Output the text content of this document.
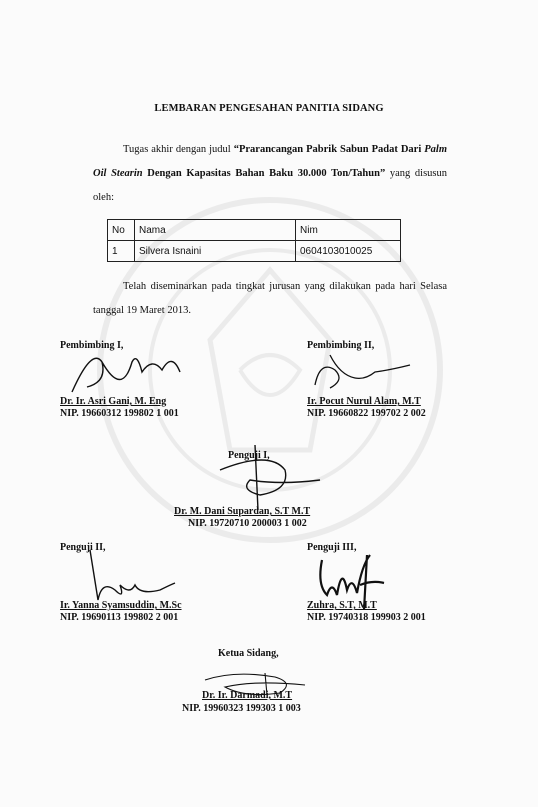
LEMBARAN PENGESAHAN PANITIA SIDANG
Tugas akhir dengan judul “Prarancangan Pabrik Sabun Padat Dari Palm Oil Stearin Dengan Kapasitas Bahan Baku 30.000 Ton/Tahun” yang disusun oleh:
No	Nama	Nim
1	Silvera Isnaini	0604103010025
Telah diseminarkan pada tingkat jurusan yang dilakukan pada hari Selasa tanggal 19 Maret 2013.
Pembimbing I,
Dr. Ir. Asri Gani, M. Eng
NIP. 19660312 199802 1 001
Pembimbing II,
Ir. Pocut Nurul Alam, M.T
NIP. 19660822 199702 2 002
Penguji I,
Dr. M. Dani Supardan, S.T M.T
NIP. 19720710 200003 1 002
Penguji II,
Ir. Yanna Syamsuddin, M.Sc
NIP. 19690113 199802 2 001
Penguji III,
Zuhra, S.T, M.T
NIP. 19740318 199903 2 001
Ketua Sidang,
Dr. Ir. Darmadi, M.T
NIP. 19960323 199303 1 003
